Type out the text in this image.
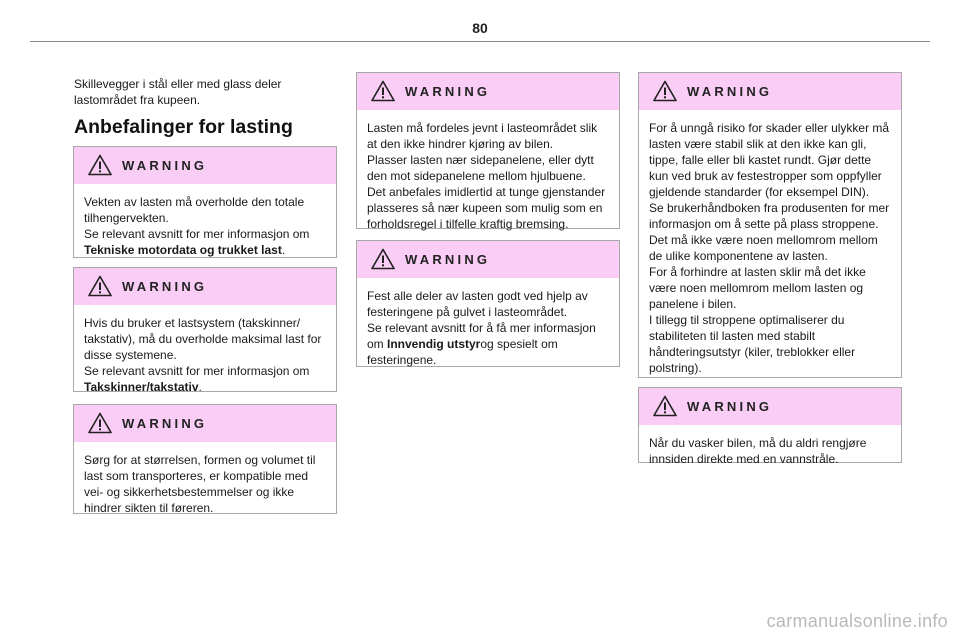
80
Skillevegger i stål eller med glass deler lastområdet fra kupeen.
Anbefalinger for lasting
WARNING
Vekten av lasten må overholde den totale tilhengervekten.
Se relevant avsnitt for mer informasjon om Tekniske motordata og trukket last.
WARNING
Hvis du bruker et lastsystem (takskinner/ takstativ), må du overholde maksimal last for disse systemene.
Se relevant avsnitt for mer informasjon om Takskinner/takstativ.
WARNING
Sørg for at størrelsen, formen og volumet til last som transporteres, er kompatible med vei- og sikkerhetsbestemmelser og ikke hindrer sikten til føreren.
WARNING
Lasten må fordeles jevnt i lasteområdet slik at den ikke hindrer kjøring av bilen.
Plasser lasten nær sidepanelene, eller dytt den mot sidepanelene mellom hjulbuene.
Det anbefales imidlertid at tunge gjenstander plasseres så nær kupeen som mulig som en forholdsregel i tilfelle kraftig bremsing.
WARNING
Fest alle deler av lasten godt ved hjelp av festeringene på gulvet i lasteområdet.
Se relevant avsnitt for å få mer informasjon om Innvendig utstyrog spesielt om festeringene.
WARNING
For å unngå risiko for skader eller ulykker må lasten være stabil slik at den ikke kan gli, tippe, falle eller bli kastet rundt. Gjør dette kun ved bruk av festestropper som oppfyller gjeldende standarder (for eksempel DIN).
Se brukerhåndboken fra produsenten for mer informasjon om å sette på plass stroppene.
Det må ikke være noen mellomrom mellom de ulike komponentene av lasten.
For å forhindre at lasten sklir må det ikke være noen mellomrom mellom lasten og panelene i bilen.
I tillegg til stroppene optimaliserer du stabiliteten til lasten med stabilt håndteringsutstyr (kiler, treblokker eller polstring).
WARNING
Når du vasker bilen, må du aldri rengjøre innsiden direkte med en vannstråle.
carmanualsonline.info
